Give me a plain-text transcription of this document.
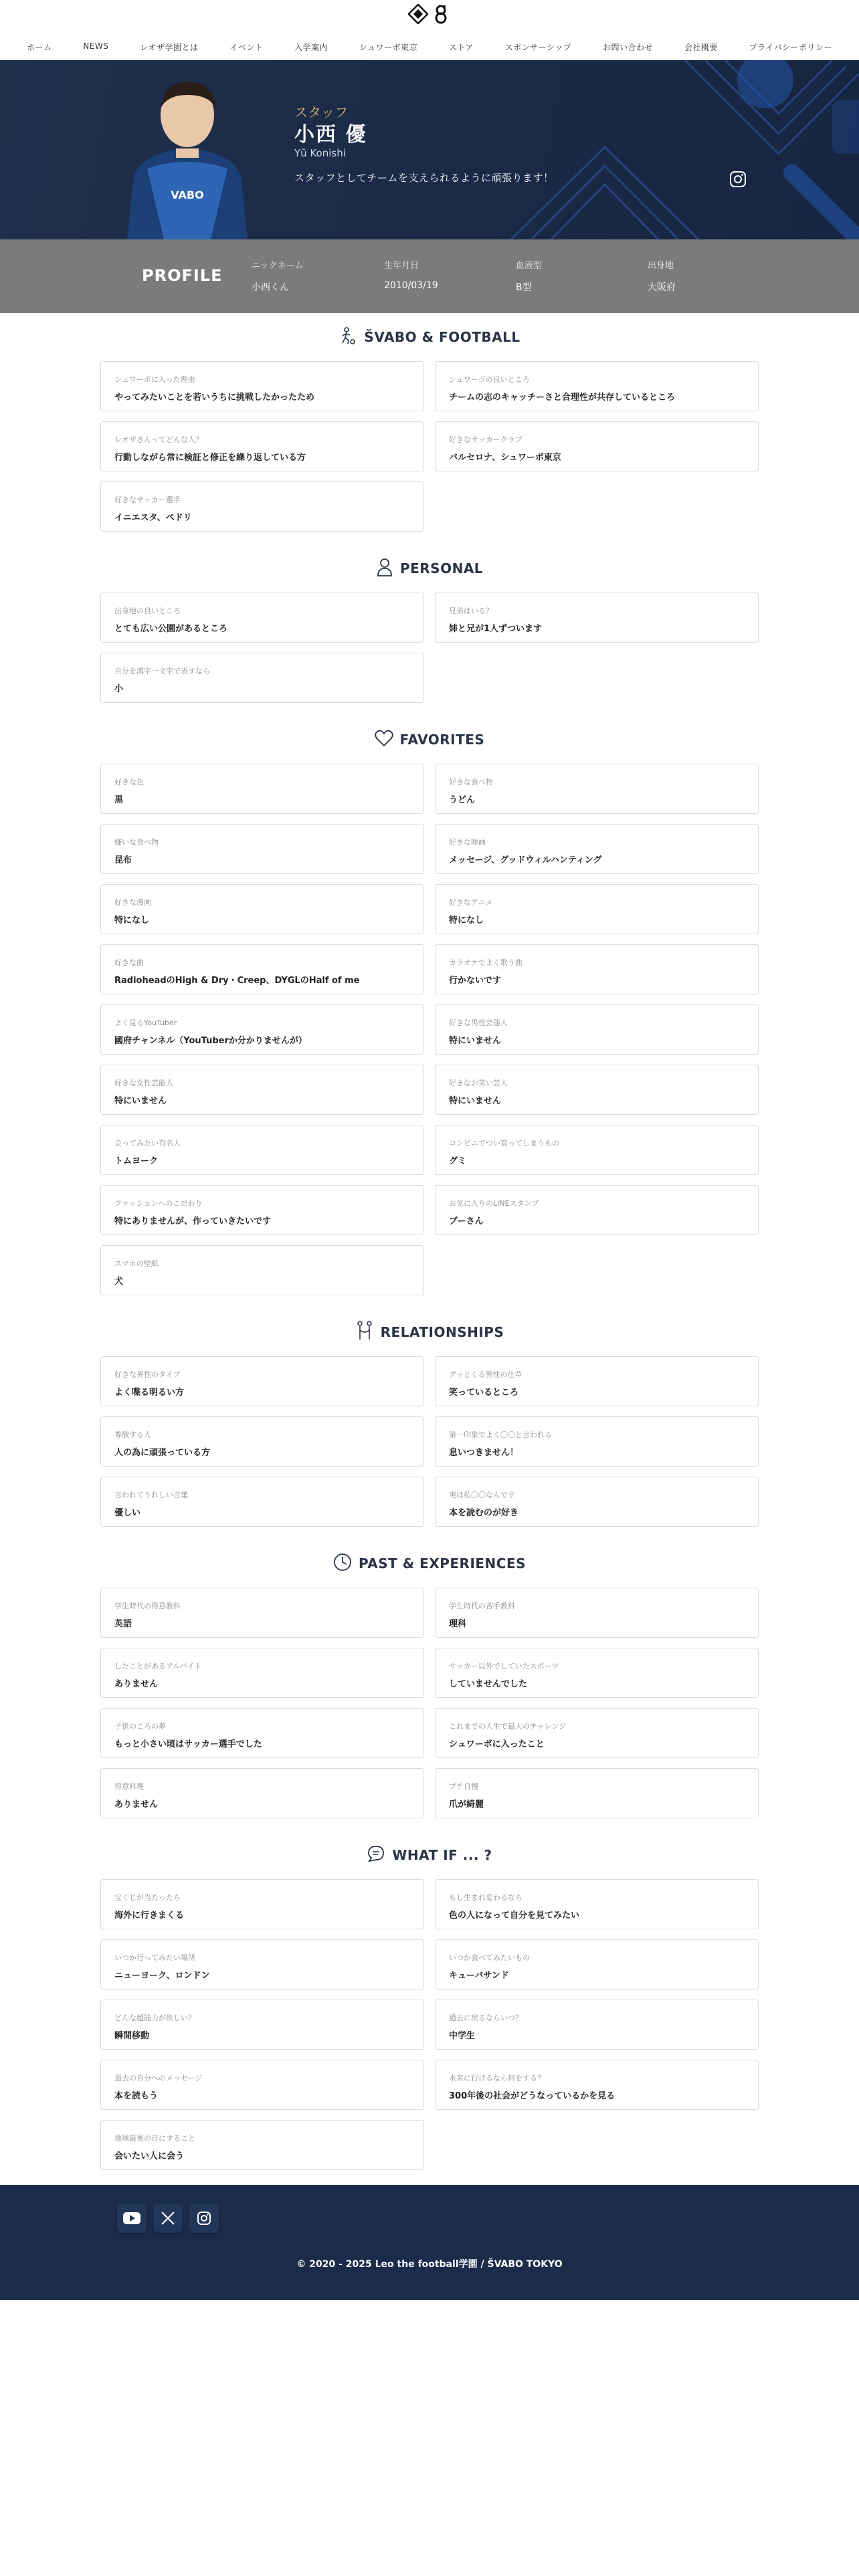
ホーム	NEWS	レオザ学園とは	イベント	入学案内	シュワーボ東京	ストア	スポンサーシップ	お問い合わせ	会社概要	プライバシーポリシー
VABO
スタッフ
小西 優
Yū Konishi
スタッフとしてチームを支えられるように頑張ります！
PROFILE
ニックネーム
小西くん
生年月日
2010/03/19
血液型
B型
出身地
大阪府
ŠVABO & FOOTBALL
シュワーボに入った理由
やってみたいことを若いうちに挑戦したかったため
シュワーボの良いところ
チームの志のキャッチーさと合理性が共存しているところ
レオザさんってどんな人？
行動しながら常に検証と修正を繰り返している方
好きなサッカークラブ
バルセロナ、シュワーボ東京
好きなサッカー選手
イニエスタ、ペドリ
PERSONAL
出身地の良いところ
とても広い公園があるところ
兄弟はいる？
姉と兄が1人ずついます
自分を漢字一文字で表すなら
小
FAVORITES
好きな色
黒
好きな食べ物
うどん
嫌いな食べ物
昆布
好きな映画
メッセージ、グッドウィルハンティング
好きな漫画
特になし
好きなアニメ
特になし
好きな曲
RadioheadのHigh & Dry・Creep、DYGLのHalf of me
カラオケでよく歌う曲
行かないです
よく見るYouTuber
國府チャンネル（YouTuberか分かりませんが）
好きな男性芸能人
特にいません
好きな女性芸能人
特にいません
好きなお笑い芸人
特にいません
会ってみたい有名人
トムヨーク
コンビニでつい買ってしまうもの
グミ
ファッションへのこだわり
特にありませんが、作っていきたいです
お気に入りのLINEスタンプ
ブーさん
スマホの壁紙
犬
RELATIONSHIPS
好きな異性のタイプ
よく喋る明るい方
グッとくる異性の仕草
笑っているところ
尊敬する人
人の為に頑張っている方
第一印象でよく〇〇と言われる
息いつきません！
言われてうれしい言葉
優しい
実は私〇〇なんです
本を読むのが好き
PAST & EXPERIENCES
学生時代の得意教科
英語
学生時代の苦手教科
理科
したことがあるアルバイト
ありません
サッカー以外でしていたスポーツ
していませんでした
子供のころの夢
もっと小さい頃はサッカー選手でした
これまでの人生で最大のチャレンジ
シュワーボに入ったこと
得意料理
ありません
プチ自慢
爪が綺麗
WHAT IF ... ?
宝くじが当たったら
海外に行きまくる
もし生まれ変わるなら
色の人になって自分を見てみたい
いつか行ってみたい場所
ニューヨーク、ロンドン
いつか食べてみたいもの
キューバサンド
どんな超能力が欲しい？
瞬間移動
過去に戻るならいつ？
中学生
過去の自分へのメッセージ
本を読もう
未来に行けるなら何をする？
300年後の社会がどうなっているかを見る
地球最後の日にすること
会いたい人に会う
© 2020 - 2025 Leo the football学園 / ŠVABO TOKYO
